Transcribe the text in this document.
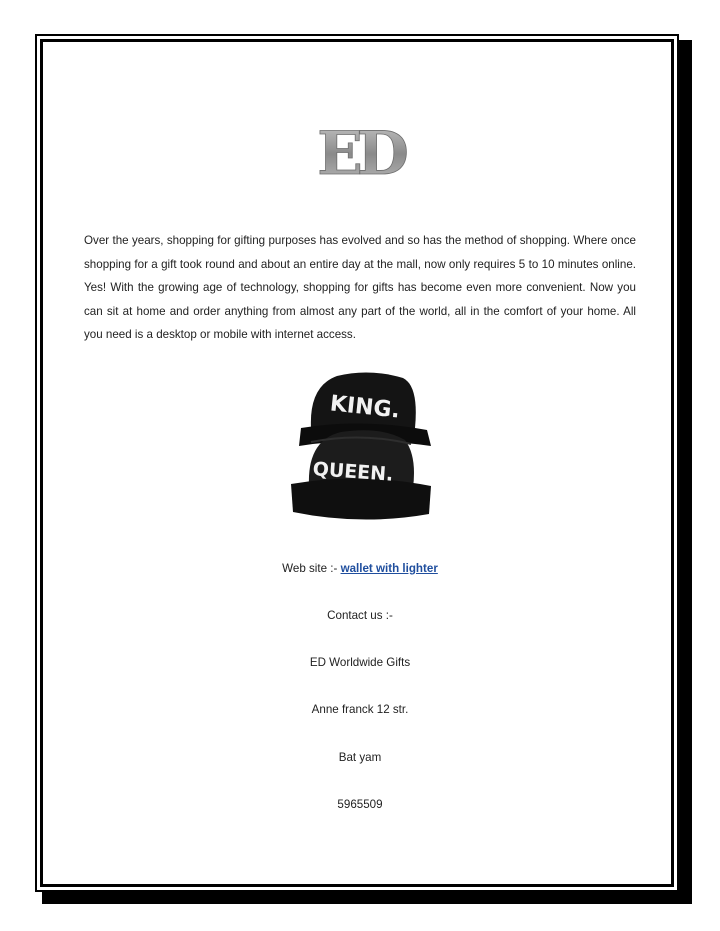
ED

Over the years, shopping for gifting purposes has evolved and so has the method of shopping. Where once shopping for a gift took round and about an entire day at the mall, now only requires 5 to 10 minutes online. Yes! With the growing age of technology, shopping for gifts has become even more convenient. Now you can sit at home and order anything from almost any part of the world, all in the comfort of your home. All you need is a desktop or mobile with internet access.

KING.
QUEEN.

Web site :- wallet with lighter

Contact us :-

ED Worldwide Gifts

Anne franck 12 str.

Bat yam

5965509
